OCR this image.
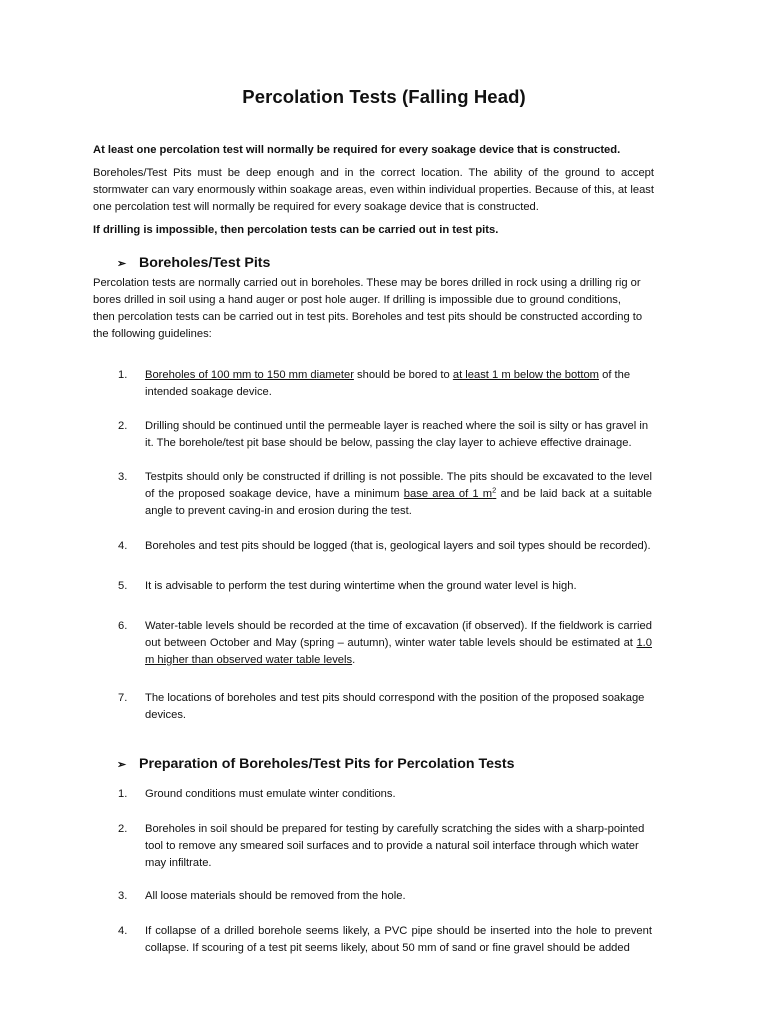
Percolation Tests (Falling Head)
At least one percolation test will normally be required for every soakage device that is constructed.
Boreholes/Test Pits must be deep enough and in the correct location. The ability of the ground to accept stormwater can vary enormously within soakage areas, even within individual properties. Because of this, at least one percolation test will normally be required for every soakage device that is constructed.
If drilling is impossible, then percolation tests can be carried out in test pits.
➢ Boreholes/Test Pits
Percolation tests are normally carried out in boreholes. These may be bores drilled in rock using a drilling rig or bores drilled in soil using a hand auger or post hole auger. If drilling is impossible due to ground conditions, then percolation tests can be carried out in test pits. Boreholes and test pits should be constructed according to the following guidelines:
1. Boreholes of 100 mm to 150 mm diameter should be bored to at least 1 m below the bottom of the intended soakage device.
2. Drilling should be continued until the permeable layer is reached where the soil is silty or has gravel in it. The borehole/test pit base should be below, passing the clay layer to achieve effective drainage.
3. Testpits should only be constructed if drilling is not possible. The pits should be excavated to the level of the proposed soakage device, have a minimum base area of 1 $m^2$ and be laid back at a suitable angle to prevent caving-in and erosion during the test.
4. Boreholes and test pits should be logged (that is, geological layers and soil types should be recorded).
5. It is advisable to perform the test during wintertime when the ground water level is high.
6. Water-table levels should be recorded at the time of excavation (if observed). If the fieldwork is carried out between October and May (spring – autumn), winter water table levels should be estimated at 1.0 m higher than observed water table levels.
7. The locations of boreholes and test pits should correspond with the position of the proposed soakage devices.
➢ Preparation of Boreholes/Test Pits for Percolation Tests
1. Ground conditions must emulate winter conditions.
2. Boreholes in soil should be prepared for testing by carefully scratching the sides with a sharp-pointed tool to remove any smeared soil surfaces and to provide a natural soil interface through which water may infiltrate.
3. All loose materials should be removed from the hole.
4. If collapse of a drilled borehole seems likely, a PVC pipe should be inserted into the hole to prevent collapse. If scouring of a test pit seems likely, about 50 mm of sand or fine gravel should be added
